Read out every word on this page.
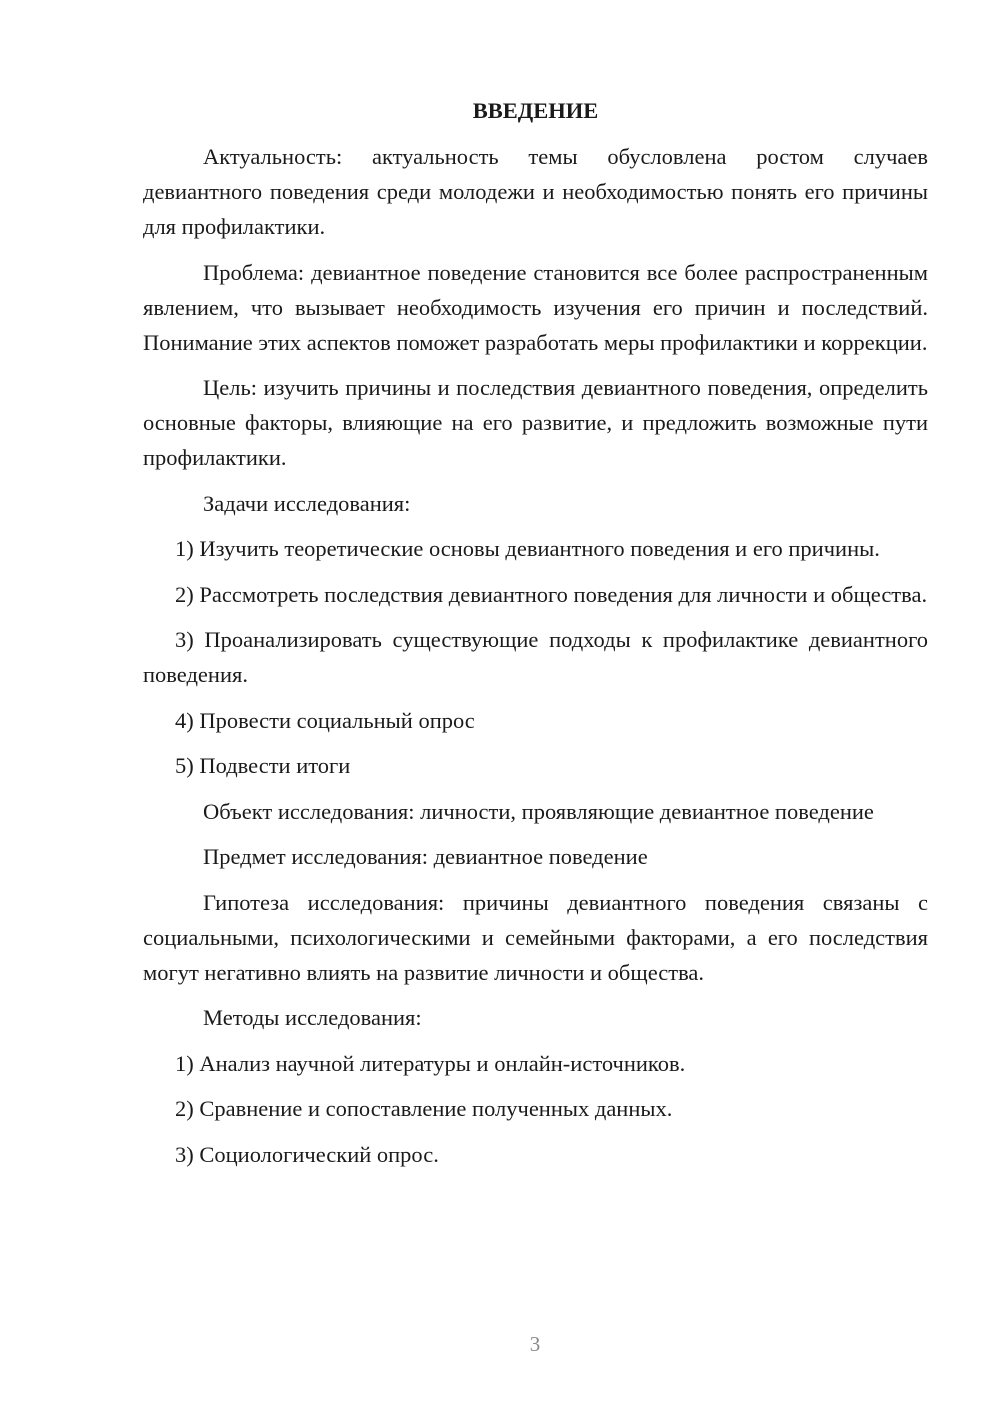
ВВЕДЕНИЕ

Актуальность: актуальность темы обусловлена ростом случаев девиантного поведения среди молодежи и необходимостью понять его причины для профилактики.

Проблема: девиантное поведение становится все более распространенным явлением, что вызывает необходимость изучения его причин и последствий. Понимание этих аспектов поможет разработать меры профилактики и коррекции.

Цель: изучить причины и последствия девиантного поведения, определить основные факторы, влияющие на его развитие, и предложить возможные пути профилактики.

Задачи исследования:

1) Изучить теоретические основы девиантного поведения и его причины.

2) Рассмотреть последствия девиантного поведения для личности и общества.

3) Проанализировать существующие подходы к профилактике девиантного поведения.

4) Провести социальный опрос

5) Подвести итоги

Объект исследования: личности, проявляющие девиантное поведение

Предмет исследования: девиантное поведение

Гипотеза исследования: причины девиантного поведения связаны с социальными, психологическими и семейными факторами, а его последствия могут негативно влиять на развитие личности и общества.

Методы исследования:

1) Анализ научной литературы и онлайн-источников.

2) Сравнение и сопоставление полученных данных.

3) Социологический опрос.

3
